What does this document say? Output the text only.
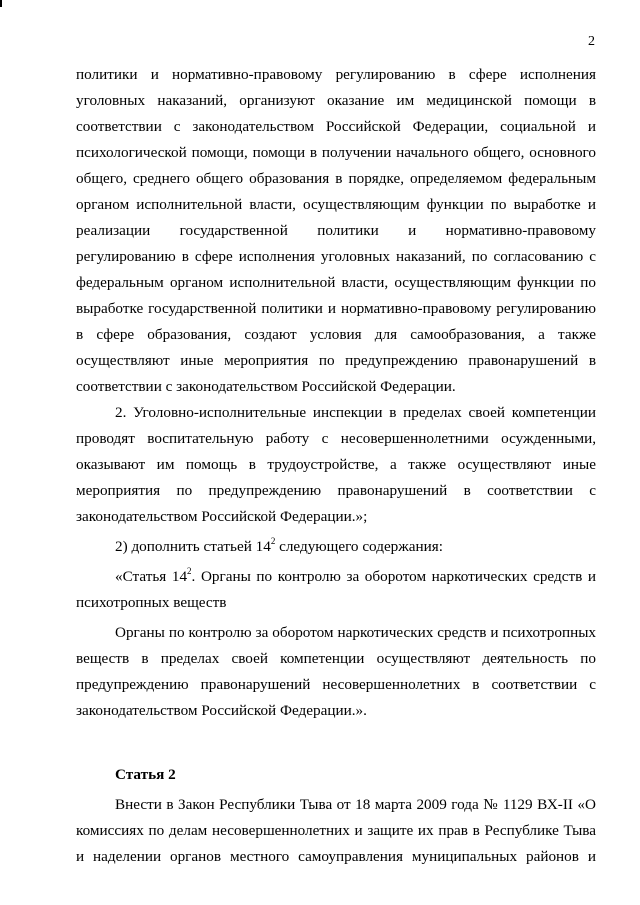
2
политики и нормативно-правовому регулированию в сфере исполнения
уголовных наказаний, организуют оказание им медицинской помощи в
соответствии с законодательством Российской Федерации, социальной и
психологической помощи, помощи в получении начального общего, основного
общего, среднего общего образования в порядке, определяемом федеральным
органом исполнительной власти, осуществляющим функции по выработке и
реализации государственной политики и нормативно-правовому
регулированию в сфере исполнения уголовных наказаний, по согласованию с
федеральным органом исполнительной власти, осуществляющим функции по
выработке государственной политики и нормативно-правовому регулированию
в сфере образования, создают условия для самообразования, а также
осуществляют иные мероприятия по предупреждению правонарушений в
соответствии с законодательством Российской Федерации.
2. Уголовно-исполнительные инспекции в пределах своей компетенции
проводят воспитательную работу с несовершеннолетними осужденными,
оказывают им помощь в трудоустройстве, а также осуществляют иные
мероприятия по предупреждению правонарушений в соответствии с
законодательством Российской Федерации.»;
2) дополнить статьей $14^2$ следующего содержания:
«Статья $14^2$. Органы по контролю за оборотом наркотических средств и
психотропных веществ
Органы по контролю за оборотом наркотических средств и психотропных
веществ в пределах своей компетенции осуществляют деятельность по
предупреждению правонарушений несовершеннолетних в соответствии с
законодательством Российской Федерации.».
Статья 2
Внести в Закон Республики Тыва от 18 марта 2009 года № 1129 ВХ-II «О
комиссиях по делам несовершеннолетних и защите их прав в Республике Тыва
и наделении органов местного самоуправления муниципальных районов и
